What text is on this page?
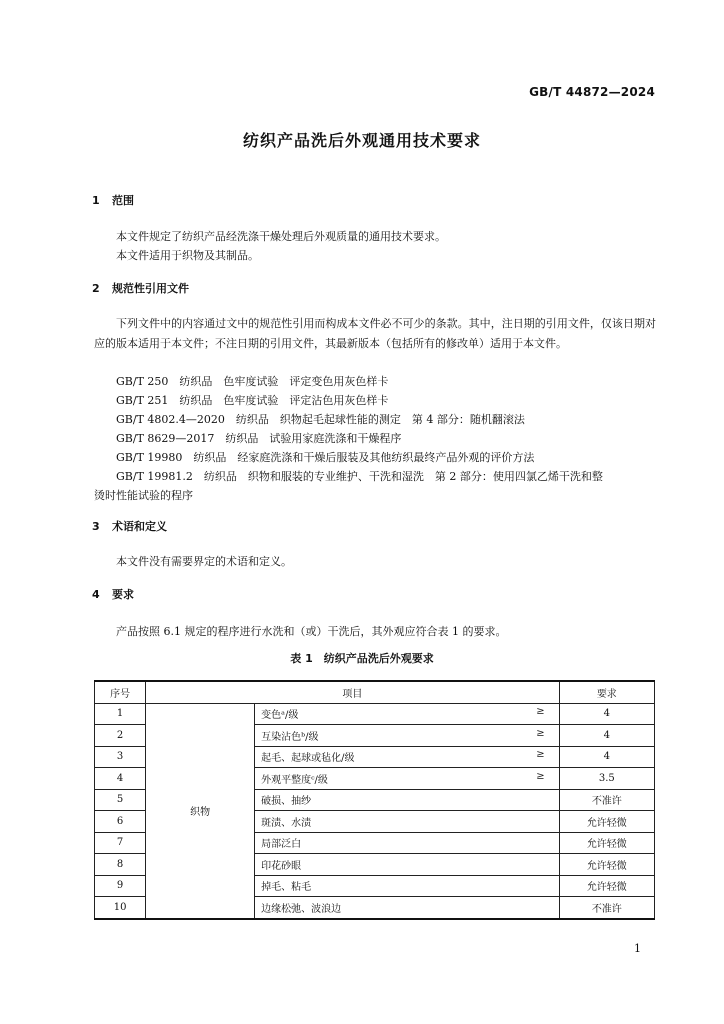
GB/T 44872—2024
纺织产品洗后外观通用技术要求
1 范围
本文件规定了纺织产品经洗涤干燥处理后外观质量的通用技术要求。
本文件适用于织物及其制品。
2 规范性引用文件
下列文件中的内容通过文中的规范性引用而构成本文件必不可少的条款。其中，注日期的引用文件，仅该日期对应的版本适用于本文件；不注日期的引用文件，其最新版本（包括所有的修改单）适用于本文件。
GB/T 250　纺织品　色牢度试验　评定变色用灰色样卡
GB/T 251　纺织品　色牢度试验　评定沾色用灰色样卡
GB/T 4802.4—2020　纺织品　织物起毛起球性能的测定　第 4 部分：随机翻滚法
GB/T 8629—2017　纺织品　试验用家庭洗涤和干燥程序
GB/T 19980　纺织品　经家庭洗涤和干燥后服装及其他纺织最终产品外观的评价方法
GB/T 19981.2　纺织品　织物和服装的专业维护、干洗和湿洗　第 2 部分：使用四氯乙烯干洗和整
烫时性能试验的程序
3 术语和定义
本文件没有需要界定的术语和定义。
4 要求
产品按照 6.1 规定的程序进行水洗和（或）干洗后，其外观应符合表 1 的要求。
表 1　纺织产品洗后外观要求
序号	项目		要求
1	织物	变色ᵃ/级 ≥	4
2		互染沾色ᵇ/级 ≥	4
3		起毛、起球或毡化/级 ≥	4
4		外观平整度ᶜ/级 ≥	3.5
5		破损、抽纱	不准许
6		斑渍、水渍	允许轻微
7		局部泛白	允许轻微
8		印花砂眼	允许轻微
9		掉毛、粘毛	允许轻微
10		边缘松弛、波浪边	不准许
1
